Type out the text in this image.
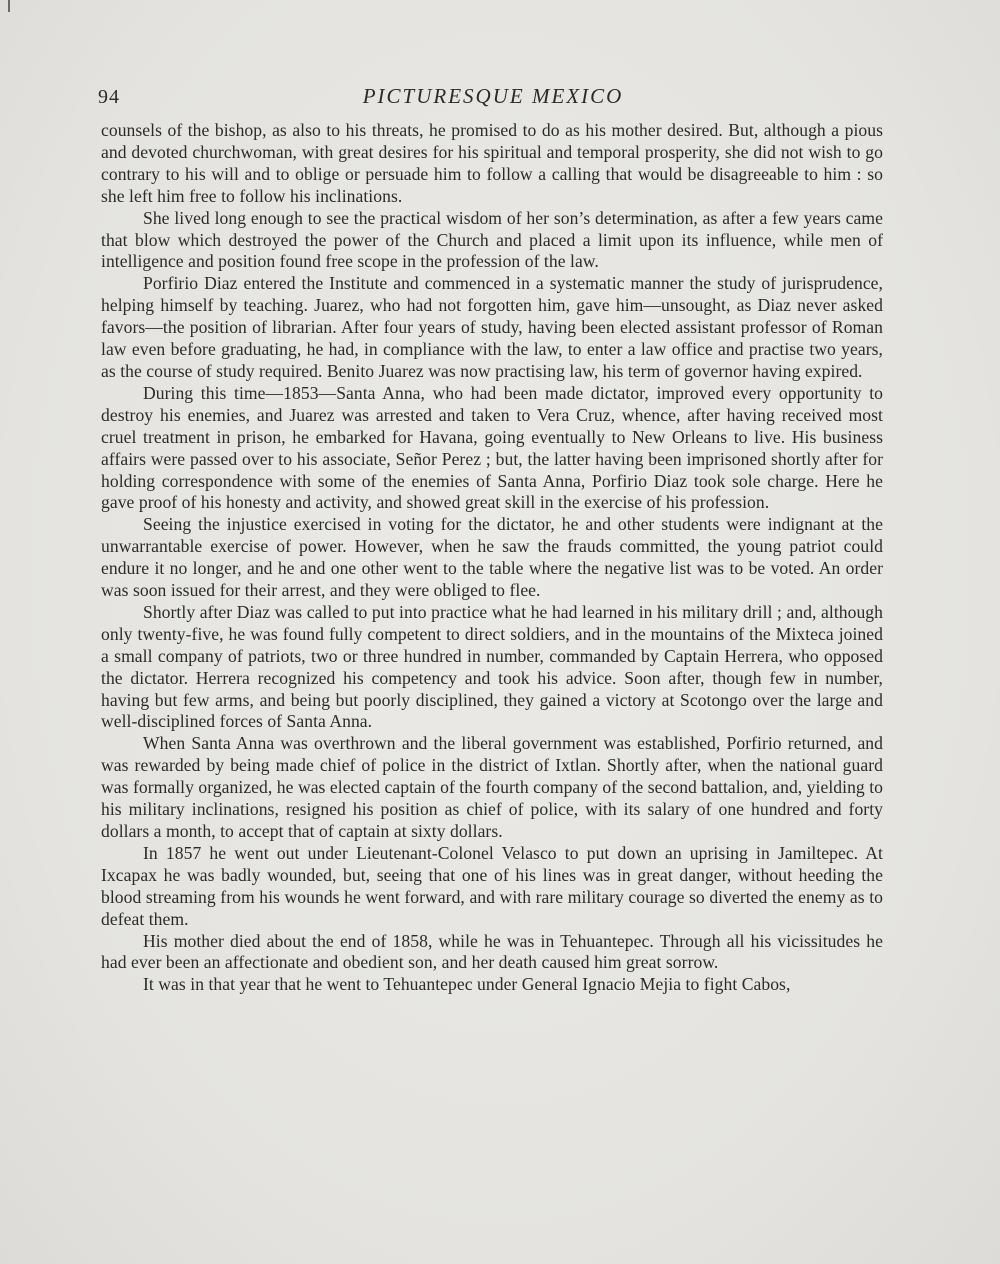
94	PICTURESQUE MEXICO

counsels of the bishop, as also to his threats, he promised to do as his mother desired. But, although a pious and devoted churchwoman, with great desires for his spiritual and temporal prosperity, she did not wish to go contrary to his will and to oblige or persuade him to follow a calling that would be disagreeable to him : so she left him free to follow his inclinations.

She lived long enough to see the practical wisdom of her son’s determination, as after a few years came that blow which destroyed the power of the Church and placed a limit upon its influence, while men of intelligence and position found free scope in the profession of the law.

Porfirio Diaz entered the Institute and commenced in a systematic manner the study of jurisprudence, helping himself by teaching. Juarez, who had not forgotten him, gave him—unsought, as Diaz never asked favors—the position of librarian. After four years of study, having been elected assistant professor of Roman law even before graduating, he had, in compliance with the law, to enter a law office and practise two years, as the course of study required. Benito Juarez was now practising law, his term of governor having expired.

During this time—1853—Santa Anna, who had been made dictator, improved every opportunity to destroy his enemies, and Juarez was arrested and taken to Vera Cruz, whence, after having received most cruel treatment in prison, he embarked for Havana, going eventually to New Orleans to live. His business affairs were passed over to his associate, Señor Perez ; but, the latter having been imprisoned shortly after for holding correspondence with some of the enemies of Santa Anna, Porfirio Diaz took sole charge. Here he gave proof of his honesty and activity, and showed great skill in the exercise of his profession.

Seeing the injustice exercised in voting for the dictator, he and other students were indignant at the unwarrantable exercise of power. However, when he saw the frauds committed, the young patriot could endure it no longer, and he and one other went to the table where the negative list was to be voted. An order was soon issued for their arrest, and they were obliged to flee.

Shortly after Diaz was called to put into practice what he had learned in his military drill ; and, although only twenty-five, he was found fully competent to direct soldiers, and in the mountains of the Mixteca joined a small company of patriots, two or three hundred in number, commanded by Captain Herrera, who opposed the dictator. Herrera recognized his competency and took his advice. Soon after, though few in number, having but few arms, and being but poorly disciplined, they gained a victory at Scotongo over the large and well-disciplined forces of Santa Anna.

When Santa Anna was overthrown and the liberal government was established, Porfirio returned, and was rewarded by being made chief of police in the district of Ixtlan. Shortly after, when the national guard was formally organized, he was elected captain of the fourth company of the second battalion, and, yielding to his military inclinations, resigned his position as chief of police, with its salary of one hundred and forty dollars a month, to accept that of captain at sixty dollars.

In 1857 he went out under Lieutenant-Colonel Velasco to put down an uprising in Jamiltepec. At Ixcapax he was badly wounded, but, seeing that one of his lines was in great danger, without heeding the blood streaming from his wounds he went forward, and with rare military courage so diverted the enemy as to defeat them.

His mother died about the end of 1858, while he was in Tehuantepec. Through all his vicissitudes he had ever been an affectionate and obedient son, and her death caused him great sorrow.

It was in that year that he went to Tehuantepec under General Ignacio Mejia to fight Cabos,
